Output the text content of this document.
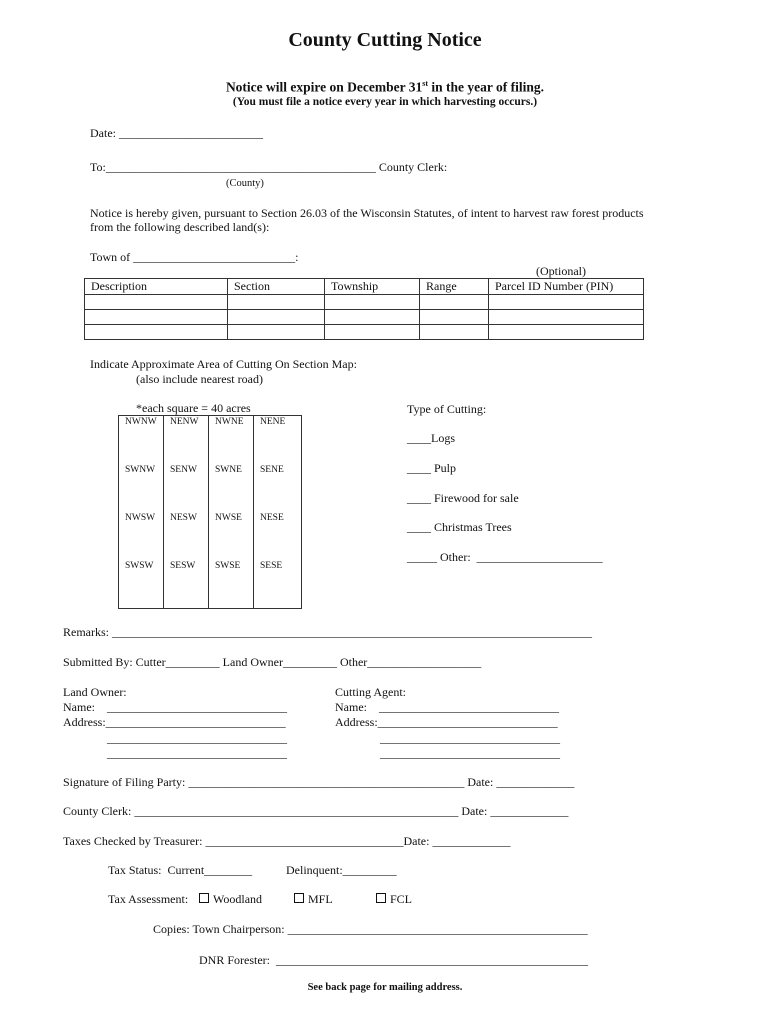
County Cutting Notice
Notice will expire on December 31st in the year of filing.
(You must file a notice every year in which harvesting occurs.)
Date: ________________________
To:_____________________________________________ County Clerk:
(County)
Notice is hereby given, pursuant to Section 26.03 of the Wisconsin Statutes, of intent to harvest raw forest products
from the following described land(s):
Town of ___________________________:
(Optional)
Description	Section	Township	Range	Parcel ID Number (PIN)

Indicate Approximate Area of Cutting On Section Map:
(also include nearest road)
*each square = 40 acres
NWNW	NENW	NWNE	NENE
SWNW	SENW	SWNE	SENE
NWSW	NESW	NWSE	NESE
SWSW	SESW	SWSE	SESE
Type of Cutting:
____Logs
____ Pulp
____ Firewood for sale
____ Christmas Trees
_____ Other:  _____________________
Remarks: ________________________________________________________________________________
Submitted By: Cutter_________ Land Owner_________ Other___________________
Land Owner:
Name:    ______________________________
Address:______________________________
______________________________
______________________________
Cutting Agent:
Name:    ______________________________
Address:______________________________
______________________________
______________________________
Signature of Filing Party: ______________________________________________ Date: _____________
County Clerk: ______________________________________________________ Date: _____________
Taxes Checked by Treasurer: _________________________________Date: _____________
Tax Status:  Current________	Delinquent:_________
Tax Assessment:	Woodland	MFL	FCL
Copies: Town Chairperson: __________________________________________________
DNR Forester:  ____________________________________________________
See back page for mailing address.
